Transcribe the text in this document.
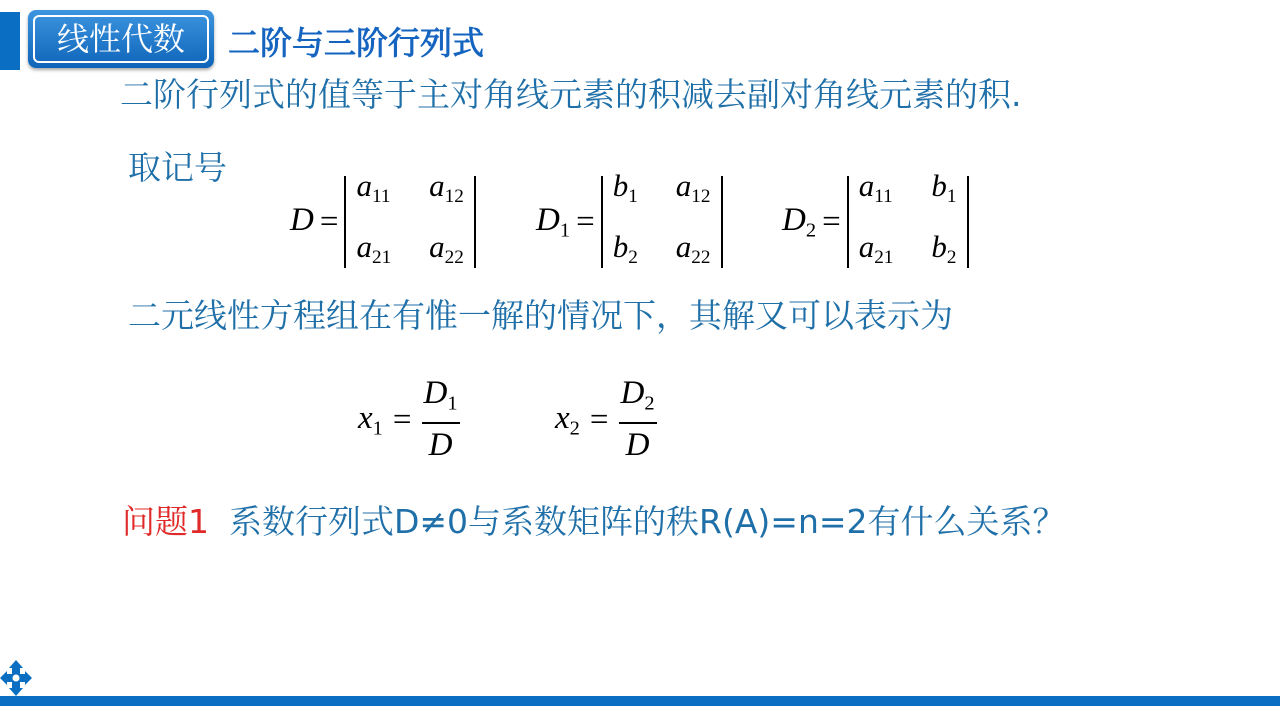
线性代数	二阶与三阶行列式
二阶行列式的值等于主对角线元素的积减去副对角线元素的积.
取记号
D =
$a_{11}$ $a_{12}$
$a_{21}$ $a_{22}$
$D_1$ =
$b_1$ $a_{12}$
$b_2$ $a_{22}$
$D_2$ =
$a_{11}$ $b_1$
$a_{21}$ $b_2$
二元线性方程组在有惟一解的情况下，其解又可以表示为
$x_1 = \frac{D_1}{D}$	$x_2 = \frac{D_2}{D}$
问题1 系数行列式D≠0与系数矩阵的秩R(A)=n=2有什么关系？
